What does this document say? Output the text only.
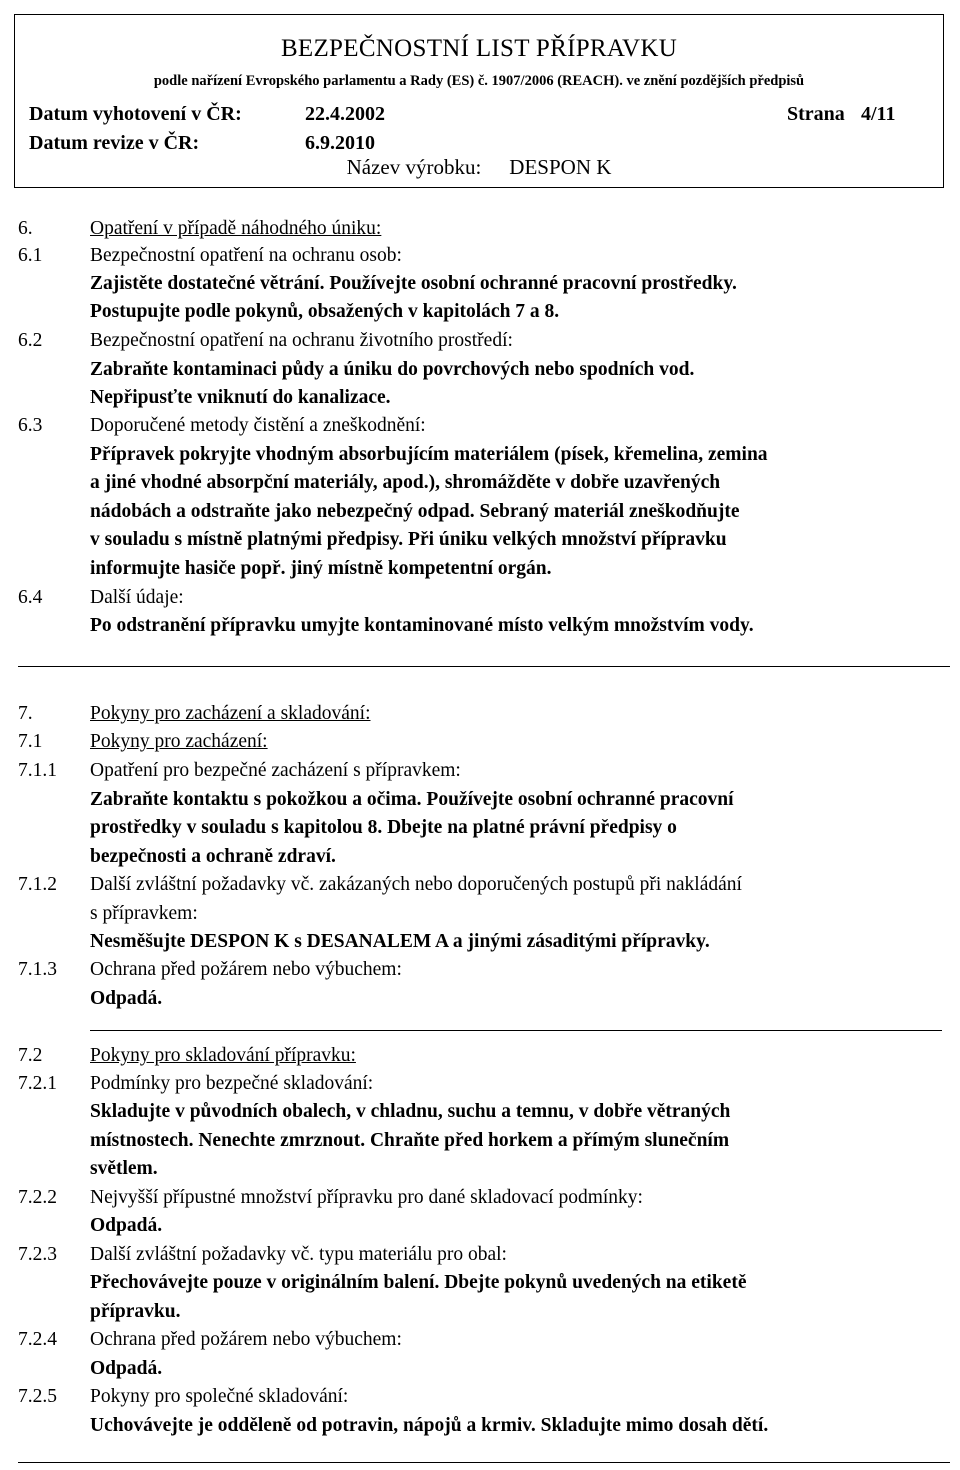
BEZPEČNOSTNÍ LIST PŘÍPRAVKU
podle nařízení Evropského parlamentu a Rady (ES) č. 1907/2006 (REACH). ve znění pozdějších předpisů
Datum vyhotovení v ČR:	22.4.2002
Datum revize v ČR:	6.9.2010
Strana 4/11
Název výrobku: DESPON K
6.	Opatření v případě náhodného úniku:
6.1 Bezpečnostní opatření na ochranu osob:
Zajistěte dostatečné větrání. Používejte osobní ochranné pracovní prostředky.
Postupujte podle pokynů, obsažených v kapitolách 7 a 8.
6.2 Bezpečnostní opatření na ochranu životního prostředí:
Zabraňte kontaminaci půdy a úniku do povrchových nebo spodních vod.
Nepřipusťte vniknutí do kanalizace.
6.3 Doporučené metody čistění a zneškodnění:
Přípravek pokryjte vhodným absorbujícím materiálem (písek, křemelina, zemina
a jiné vhodné absorpční materiály, apod.), shromážděte v dobře uzavřených
nádobách a odstraňte jako nebezpečný odpad. Sebraný materiál zneškodňujte
v souladu s místně platnými předpisy. Při úniku velkých množství přípravku
informujte hasiče popř. jiný místně kompetentní orgán.
6.4 Další údaje:
Po odstranění přípravku umyjte kontaminované místo velkým množstvím vody.
7.	Pokyny pro zacházení a skladování:
7.1 Pokyny pro zacházení:
7.1.1 Opatření pro bezpečné zacházení s přípravkem:
Zabraňte kontaktu s pokožkou a očima. Používejte osobní ochranné pracovní
prostředky v souladu s kapitolou 8. Dbejte na platné právní předpisy o
bezpečnosti a ochraně zdraví.
7.1.2 Další zvláštní požadavky vč. zakázaných nebo doporučených postupů při nakládání
s přípravkem:
Nesměšujte DESPON K s DESANALEM A a jinými zásaditými přípravky.
7.1.3 Ochrana před požárem nebo výbuchem:
Odpadá.
7.2 Pokyny pro skladování přípravku:
7.2.1 Podmínky pro bezpečné skladování:
Skladujte v původních obalech, v chladnu, suchu a temnu, v dobře větraných
místnostech. Nenechte zmrznout. Chraňte před horkem a přímým slunečním
světlem.
7.2.2 Nejvyšší přípustné množství přípravku pro dané skladovací podmínky:
Odpadá.
7.2.3 Další zvláštní požadavky vč. typu materiálu pro obal:
Přechovávejte pouze v originálním balení. Dbejte pokynů uvedených na etiketě
přípravku.
7.2.4 Ochrana před požárem nebo výbuchem:
Odpadá.
7.2.5 Pokyny pro společné skladování:
Uchovávejte je odděleně od potravin, nápojů a krmiv. Skladujte mimo dosah dětí.
